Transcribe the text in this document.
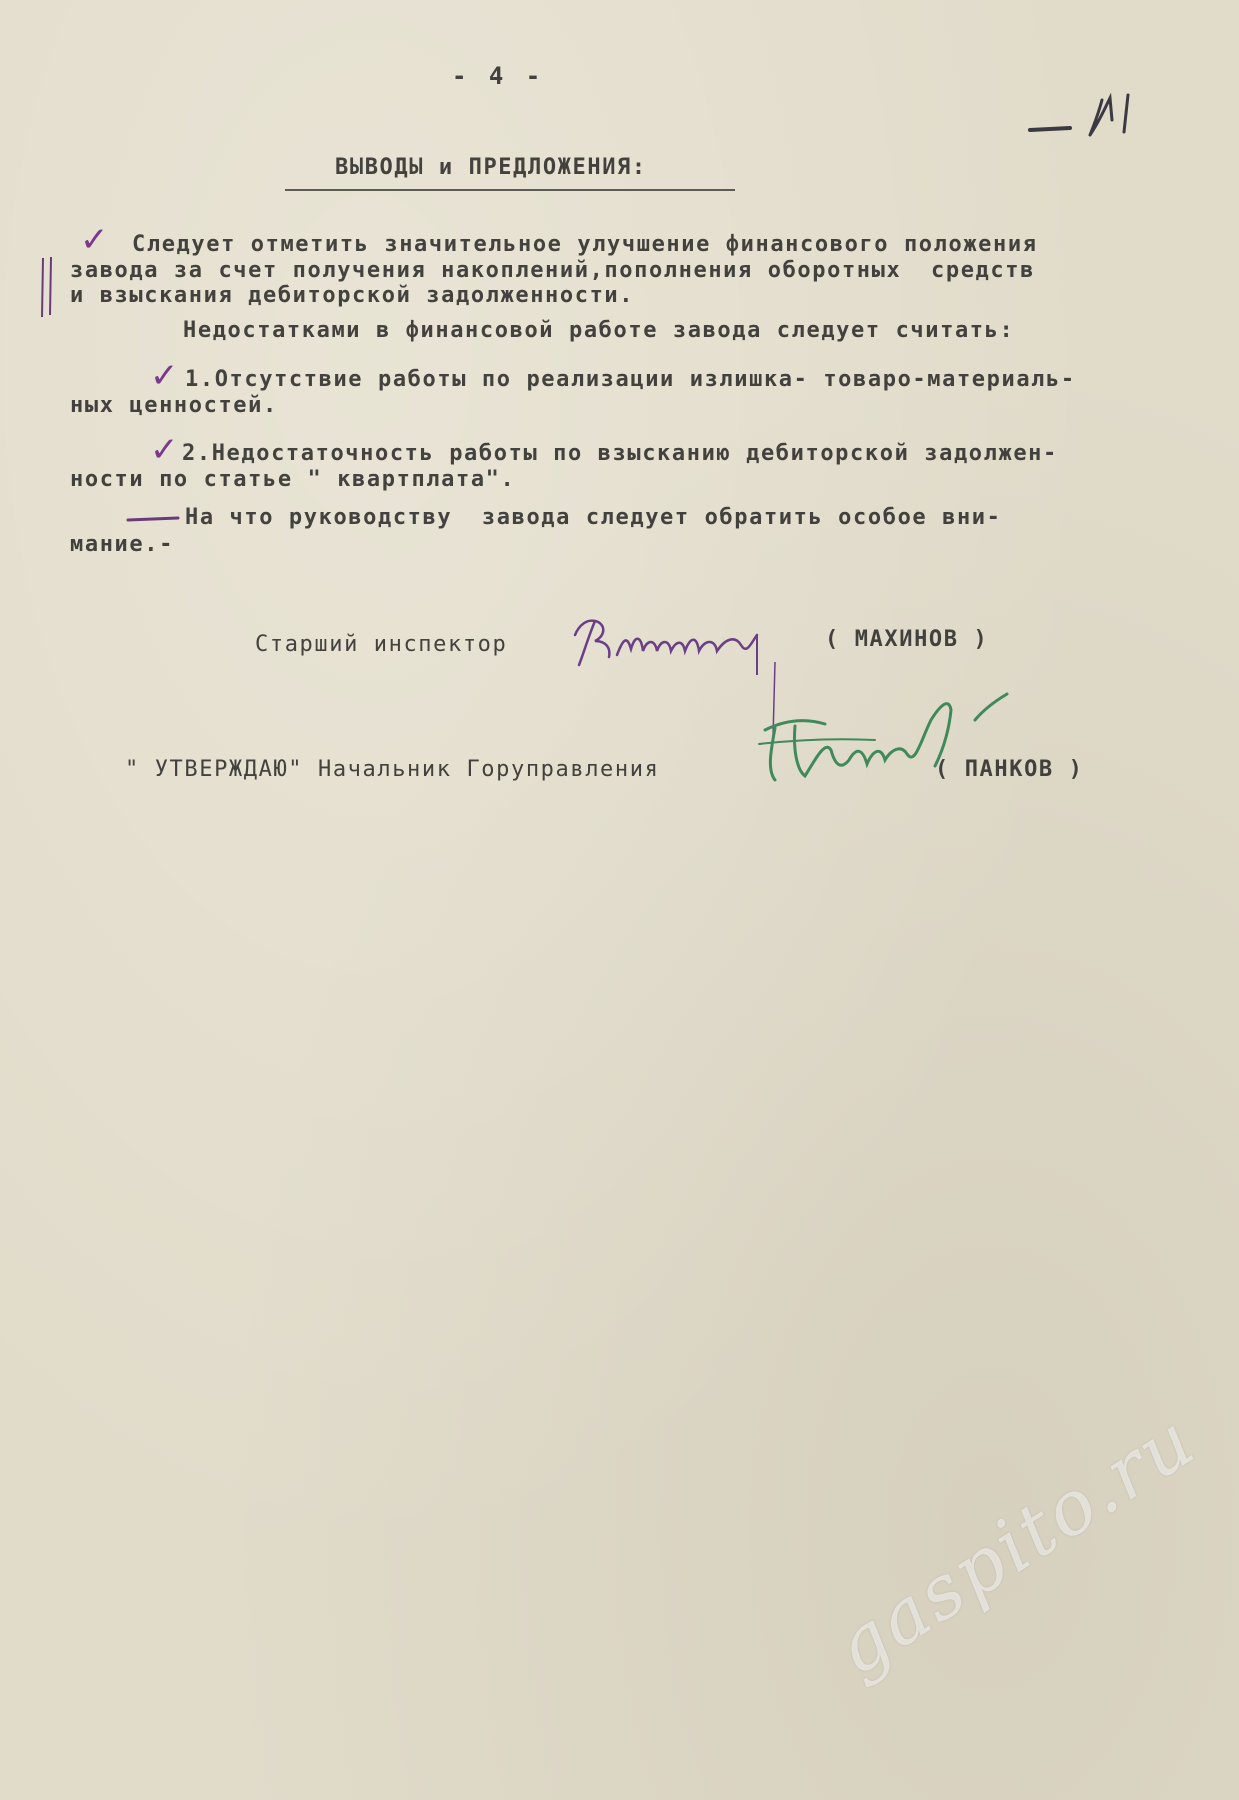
- 4 -
ВЫВОДЫ и ПРЕДЛОЖЕНИЯ:
✓ Следует отметить значительное улучшение финансового положения
завода за счет получения накоплений,пополнения оборотных  средств
и взыскания дебиторской задолженности.
Недостатками в финансовой работе завода следует считать:
✓ 1.Отсутствие работы по реализации излишка- товаро-материаль-
ных ценностей.
✓ 2.Недостаточность работы по взысканию дебиторской задолжен-
ности по статье " квартплата".
На что руководству  завода следует обратить особое вни-
мание.-
Старший инспектор	( МАХИНОВ )
" УТВЕРЖДАЮ" Начальник Горуправления	( ПАНКОВ )
gaspito.ru
